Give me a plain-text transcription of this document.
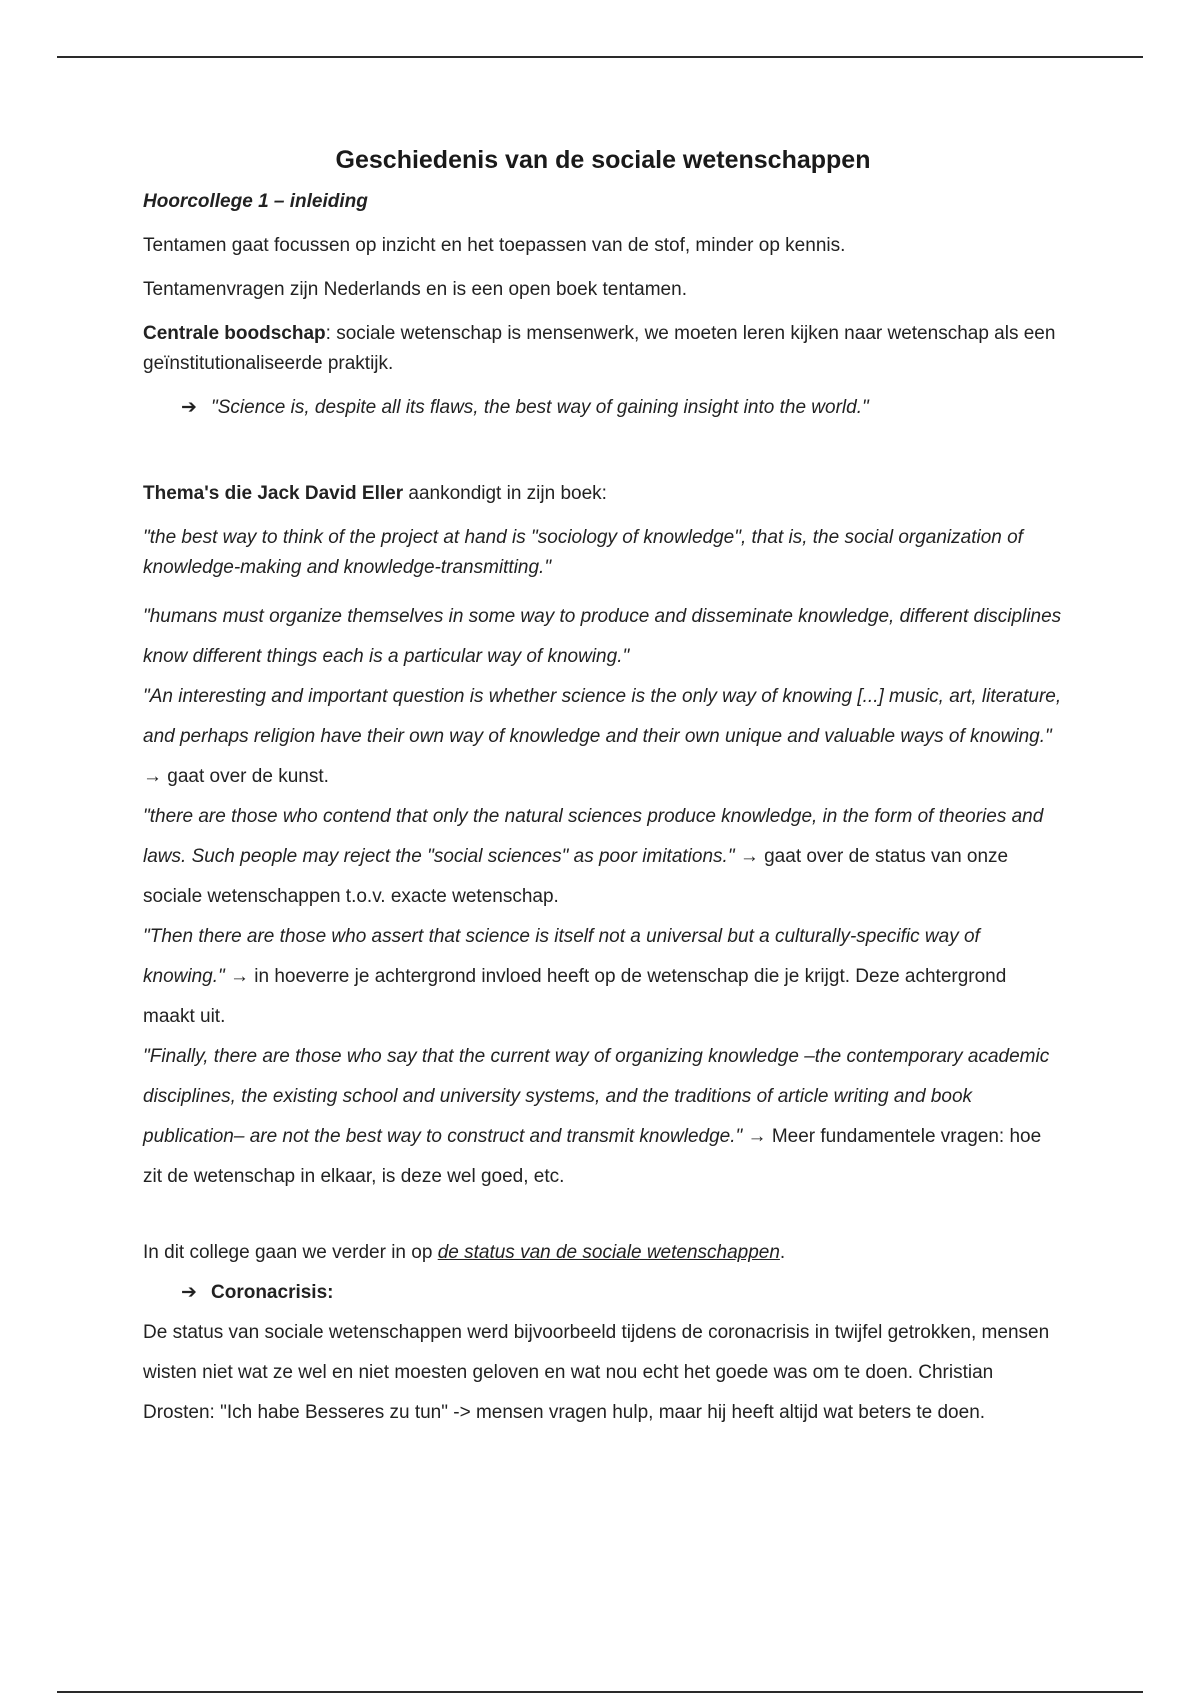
Geschiedenis van de sociale wetenschappen
Hoorcollege 1 – inleiding

Tentamen gaat focussen op inzicht en het toepassen van de stof, minder op kennis.

Tentamenvragen zijn Nederlands en is een open boek tentamen.

Centrale boodschap: sociale wetenschap is mensenwerk, we moeten leren kijken naar wetenschap als een geïnstitutionaliseerde praktijk.

➔ "Science is, despite all its flaws, the best way of gaining insight into the world."

Thema's die Jack David Eller aankondigt in zijn boek:

"the best way to think of the project at hand is "sociology of knowledge", that is, the social organization of knowledge-making and knowledge-transmitting."

"humans must organize themselves in some way to produce and disseminate knowledge, different disciplines know different things each is a particular way of knowing."

"An interesting and important question is whether science is the only way of knowing [...] music, art, literature, and perhaps religion have their own way of knowledge and their own unique and valuable ways of knowing." → gaat over de kunst.

"there are those who contend that only the natural sciences produce knowledge, in the form of theories and laws. Such people may reject the "social sciences" as poor imitations." → gaat over de status van onze sociale wetenschappen t.o.v. exacte wetenschap.

"Then there are those who assert that science is itself not a universal but a culturally-specific way of knowing." → in hoeverre je achtergrond invloed heeft op de wetenschap die je krijgt. Deze achtergrond maakt uit.

"Finally, there are those who say that the current way of organizing knowledge –the contemporary academic disciplines, the existing school and university systems, and the traditions of article writing and book publication– are not the best way to construct and transmit knowledge." → Meer fundamentele vragen: hoe zit de wetenschap in elkaar, is deze wel goed, etc.

In dit college gaan we verder in op de status van de sociale wetenschappen.

➔ Coronacrisis:

De status van sociale wetenschappen werd bijvoorbeeld tijdens de coronacrisis in twijfel getrokken, mensen wisten niet wat ze wel en niet moesten geloven en wat nou echt het goede was om te doen. Christian Drosten: "Ich habe Besseres zu tun" -> mensen vragen hulp, maar hij heeft altijd wat beters te doen.
